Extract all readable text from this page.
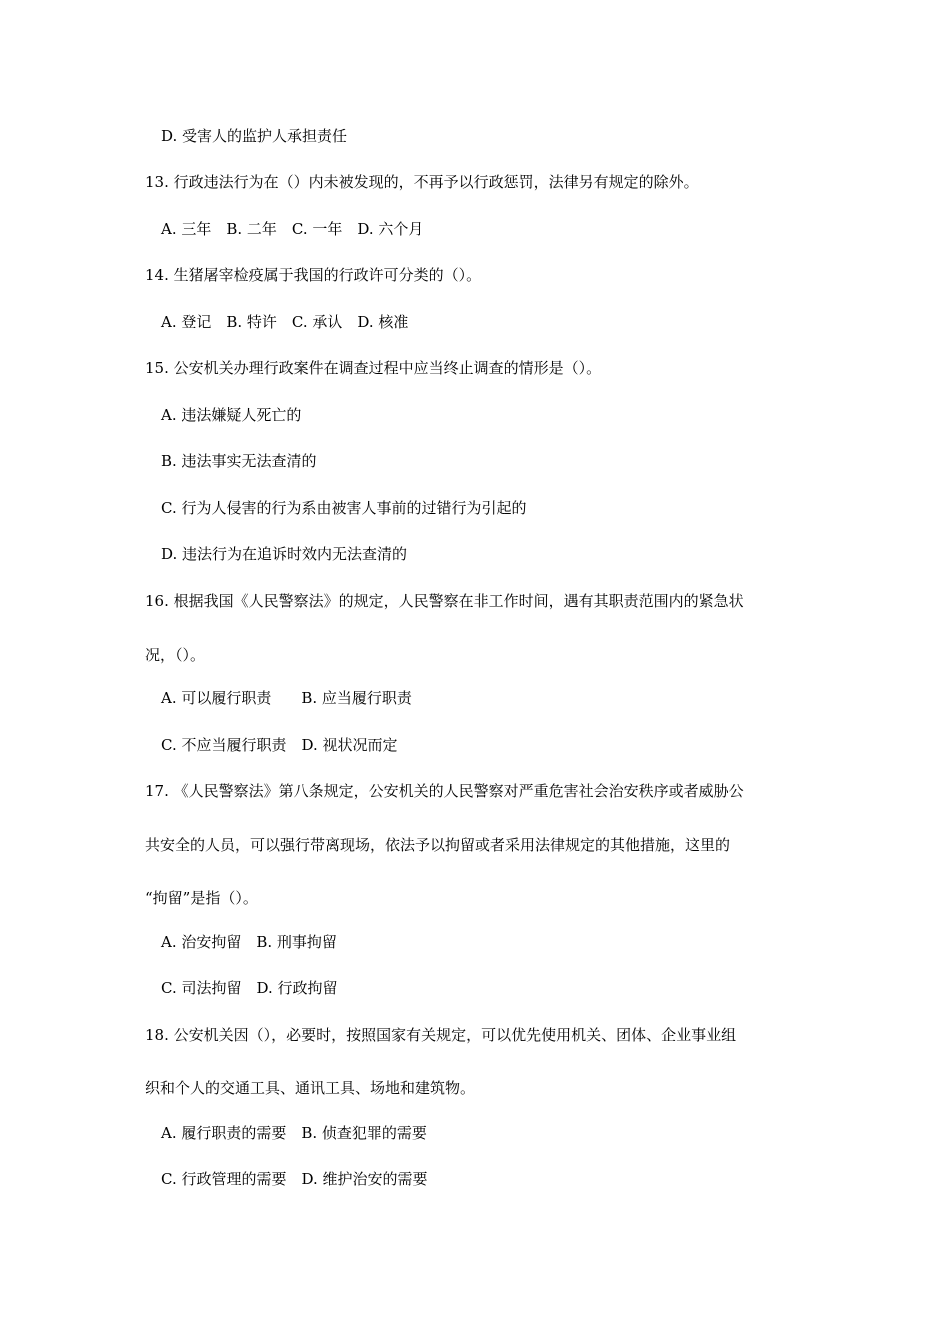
D. 受害人的监护人承担责任
13. 行政违法行为在（）内未被发现的，不再予以行政惩罚，法律另有规定的除外。
A. 三年　B. 二年　C. 一年　D. 六个月
14. 生猪屠宰检疫属于我国的行政许可分类的（）。
A. 登记　B. 特许　C. 承认　D. 核准
15. 公安机关办理行政案件在调查过程中应当终止调查的情形是（）。
A. 违法嫌疑人死亡的
B. 违法事实无法查清的
C. 行为人侵害的行为系由被害人事前的过错行为引起的
D. 违法行为在追诉时效内无法查清的
16. 根据我国《人民警察法》的规定，人民警察在非工作时间，遇有其职责范围内的紧急状
况，（）。
A. 可以履行职责　　B. 应当履行职责
C. 不应当履行职责　D. 视状况而定
17. 《人民警察法》第八条规定，公安机关的人民警察对严重危害社会治安秩序或者威胁公
共安全的人员，可以强行带离现场，依法予以拘留或者采用法律规定的其他措施，这里的
“拘留”是指（）。
A. 治安拘留　B. 刑事拘留
C. 司法拘留　D. 行政拘留
18. 公安机关因（），必要时，按照国家有关规定，可以优先使用机关、团体、企业事业组
织和个人的交通工具、通讯工具、场地和建筑物。
A. 履行职责的需要　B. 侦查犯罪的需要
C. 行政管理的需要　D. 维护治安的需要
